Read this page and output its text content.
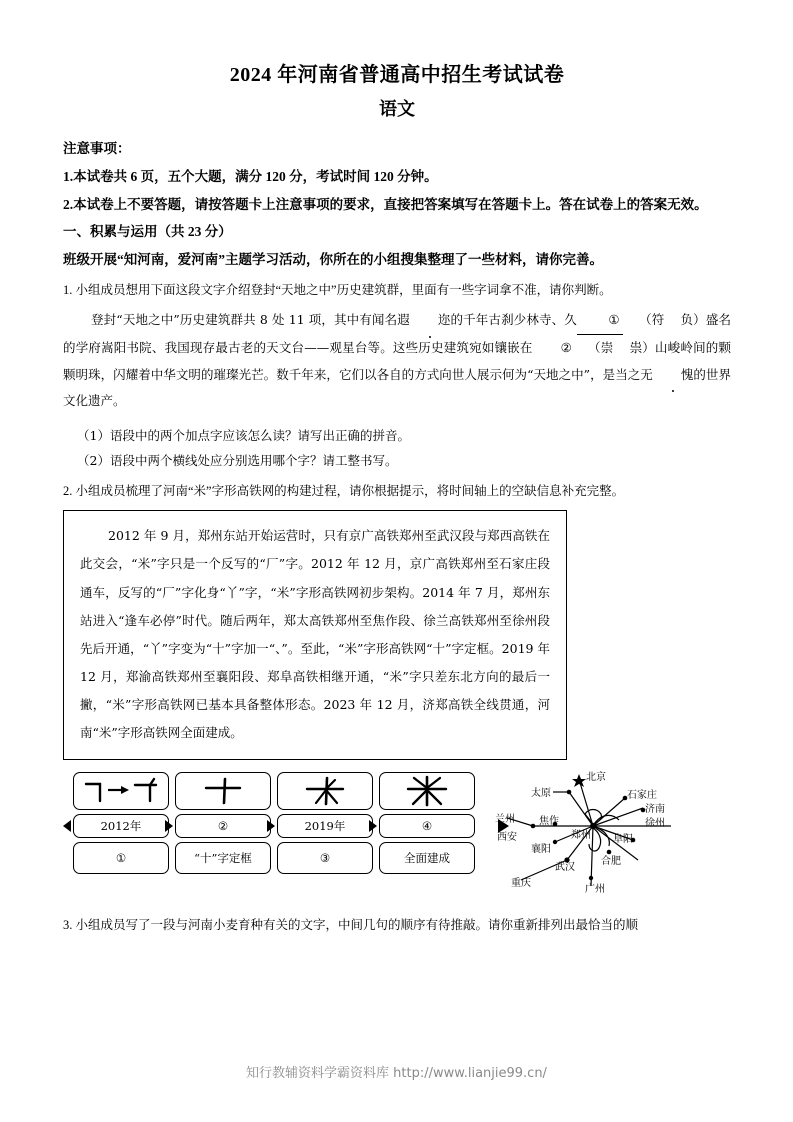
2024 年河南省普通高中招生考试试卷
语文
注意事项：
1.本试卷共 6 页，五个大题，满分 120 分，考试时间 120 分钟。
2.本试卷上不要答题，请按答题卡上注意事项的要求，直接把答案填写在答题卡上。答在试卷上的答案无效。
一、积累与运用（共 23 分）
班级开展“知河南，爱河南”主题学习活动，你所在的小组搜集整理了一些材料，请你完善。
1. 小组成员想用下面这段文字介绍登封“天地之中”历史建筑群，里面有一些字词拿不准，请你判断。
登封“天地之中”历史建筑群共 8 处 11 项，其中有闻名遐 迩的千年古刹少林寺、久	① （符 负）盛名的学府嵩阳书院、我国现存最古老的天文台——观星台等。这些历史建筑宛如镶嵌在 ② （崇 祟）山峻岭间的颗颗明珠，闪耀着中华文明的璀璨光芒。数千年来，它们以各自的方式向世人展示何为“天地之中”，是当之无 愧的世界文化遗产。
（1）语段中的两个加点字应该怎么读？请写出正确的拼音。
（2）语段中两个横线处应分别选用哪个字？请工整书写。
2. 小组成员梳理了河南“米”字形高铁网的构建过程，请你根据提示，将时间轴上的空缺信息补充完整。
2012 年 9 月，郑州东站开始运营时，只有京广高铁郑州至武汉段与郑西高铁在此交会，“米”字只是一个反写的“厂”字。2012 年 12 月，京广高铁郑州至石家庄段通车，反写的“厂”字化身“丫”字，“米”字形高铁网初步架构。2014 年 7 月，郑州东站进入“逢车必停”时代。随后两年，郑太高铁郑州至焦作段、徐兰高铁郑州至徐州段先后开通，“丫”字变为“十”字加一“、”。至此，“米”字形高铁网“十”字定框。2019 年 12 月，郑渝高铁郑州至襄阳段、郑阜高铁相继开通，“米”字只差东北方向的最后一撇，“米”字形高铁网已基本具备整体形态。2023 年 12 月，济郑高铁全线贯通，河南“米”字形高铁网全面建成。
2012年	②	2019年	④
①	“十”字定框	③	全面建成
北京
石家庄
太原
济南
徐州
兰州 焦作
郑州
西安	阜阳
襄阳
合肥
武汉
重庆
广州
3. 小组成员写了一段与河南小麦育种有关的文字，中间几句的顺序有待推敲。请你重新排列出最恰当的顺
知行教辅资料学霸资料库 http://www.lianjie99.cn/
